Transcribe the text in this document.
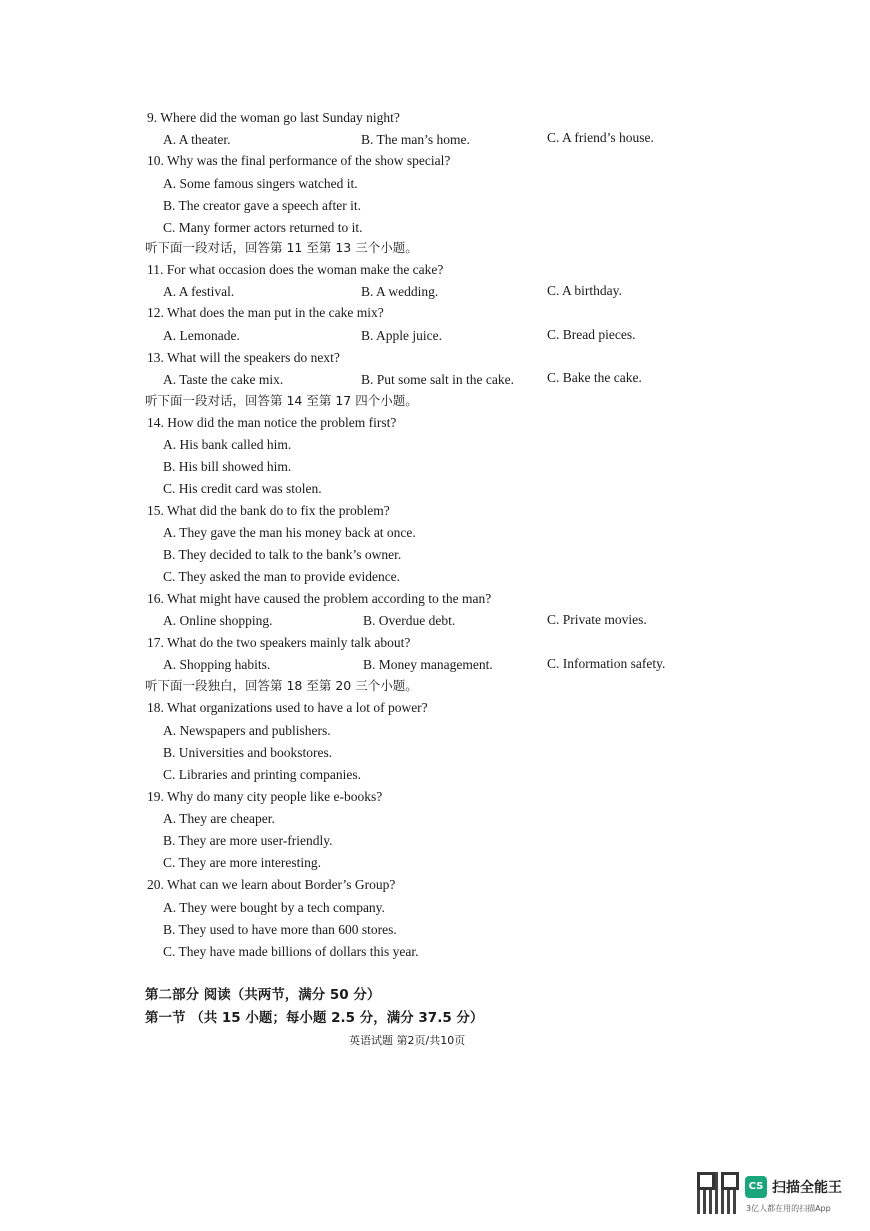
9. Where did the woman go last Sunday night?
A. A theater.	B. The man’s home.	C. A friend’s house.
10. Why was the final performance of the show special?
A. Some famous singers watched it.
B. The creator gave a speech after it.
C. Many former actors returned to it.
听下面一段对话，回答第 11 至第 13 三个小题。
11. For what occasion does the woman make the cake?
A. A festival.	B. A wedding.	C. A birthday.
12. What does the man put in the cake mix?
A. Lemonade.	B. Apple juice.	C. Bread pieces.
13. What will the speakers do next?
A. Taste the cake mix.	B. Put some salt in the cake. C. Bake the cake.
听下面一段对话，回答第 14 至第 17 四个小题。
14. How did the man notice the problem first?
A. His bank called him.
B. His bill showed him.
C. His credit card was stolen.
15. What did the bank do to fix the problem?
A. They gave the man his money back at once.
B. They decided to talk to the bank’s owner.
C. They asked the man to provide evidence.
16. What might have caused the problem according to the man?
A. Online shopping.	B. Overdue debt.	C. Private movies.
17. What do the two speakers mainly talk about?
A. Shopping habits.	B. Money management.	C. Information safety.
听下面一段独白，回答第 18 至第 20 三个小题。
18. What organizations used to have a lot of power?
A. Newspapers and publishers.
B. Universities and bookstores.
C. Libraries and printing companies.
19. Why do many city people like e-books?
A. They are cheaper.
B. They are more user-friendly.
C. They are more interesting.
20. What can we learn about Border’s Group?
A. They were bought by a tech company.
B. They used to have more than 600 stores.
C. They have made billions of dollars this year.
第二部分 阅读（共两节，满分 50 分）
第一节 （共 15 小题；每小题 2.5 分，满分 37.5 分）
英语试题 第2页/共10页
CS 扫描全能王
3亿人都在用的扫描App
